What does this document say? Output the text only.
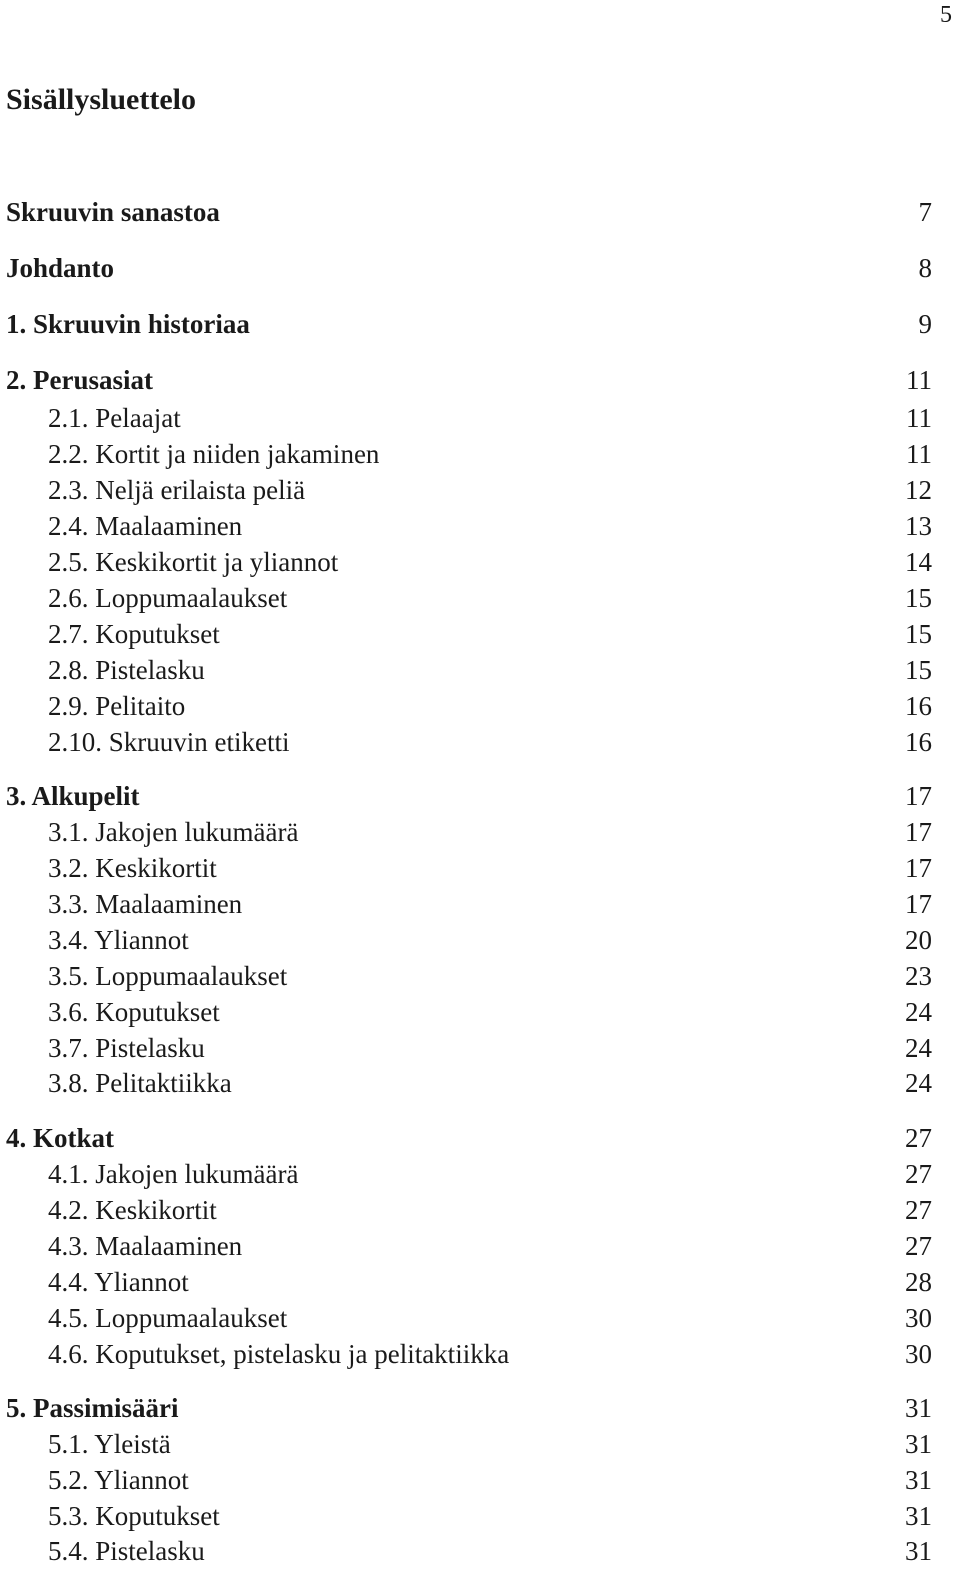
5
Sisällysluettelo
Skruuvin sanastoa	7
Johdanto	8
1. Skruuvin historiaa	9
2. Perusasiat	11
2.1. Pelaajat	11
2.2. Kortit ja niiden jakaminen	11
2.3. Neljä erilaista peliä	12
2.4. Maalaaminen	13
2.5. Keskikortit ja yliannot	14
2.6. Loppumaalaukset	15
2.7. Koputukset	15
2.8. Pistelasku	15
2.9. Pelitaito	16
2.10. Skruuvin etiketti	16
3. Alkupelit	17
3.1. Jakojen lukumäärä	17
3.2. Keskikortit	17
3.3. Maalaaminen	17
3.4. Yliannot	20
3.5. Loppumaalaukset	23
3.6. Koputukset	24
3.7. Pistelasku	24
3.8. Pelitaktiikka	24
4. Kotkat	27
4.1. Jakojen lukumäärä	27
4.2. Keskikortit	27
4.3. Maalaaminen	27
4.4. Yliannot	28
4.5. Loppumaalaukset	30
4.6. Koputukset, pistelasku ja pelitaktiikka	30
5. Passimisääri	31
5.1. Yleistä	31
5.2. Yliannot	31
5.3. Koputukset	31
5.4. Pistelasku	31
